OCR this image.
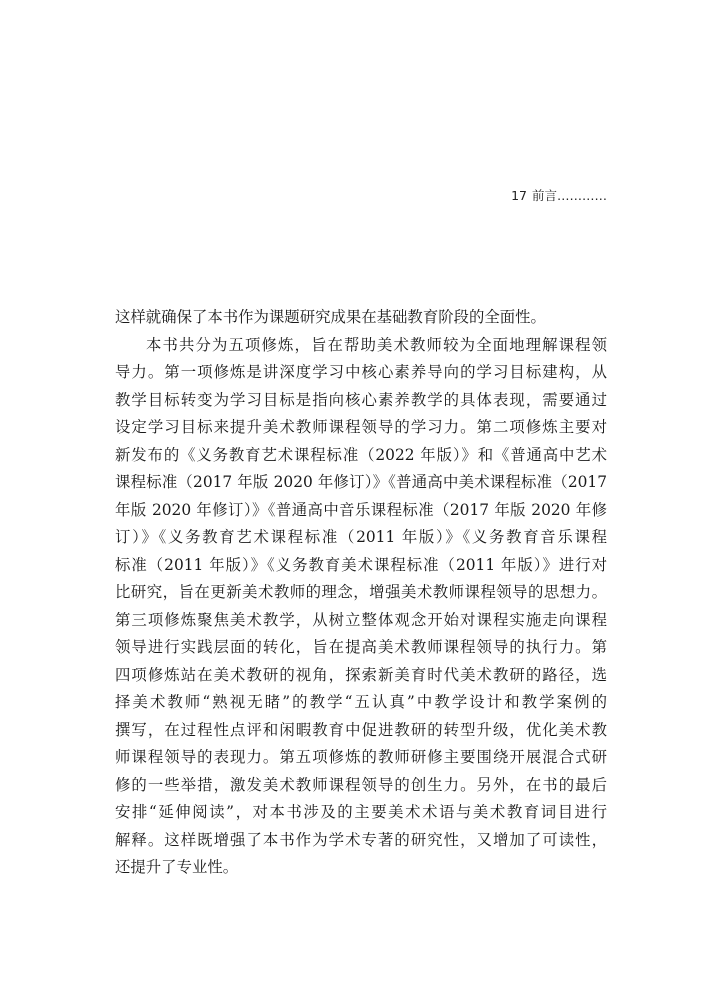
17 前言…………
这样就确保了本书作为课题研究成果在基础教育阶段的全面性。
本书共分为五项修炼，旨在帮助美术教师较为全面地理解课程领
导力。第一项修炼是讲深度学习中核心素养导向的学习目标建构，从
教学目标转变为学习目标是指向核心素养教学的具体表现，需要通过
设定学习目标来提升美术教师课程领导的学习力。第二项修炼主要对
新发布的《义务教育艺术课程标准（2022 年版）》和《普通高中艺术
课程标准（2017 年版 2020 年修订）》《普通高中美术课程标准（2017
年版 2020 年修订）》《普通高中音乐课程标准（2017 年版 2020 年修
订）》《义务教育艺术课程标准（2011 年版）》《义务教育音乐课程
标准（2011 年版）》《义务教育美术课程标准（2011 年版）》进行对
比研究，旨在更新美术教师的理念，增强美术教师课程领导的思想力。
第三项修炼聚焦美术教学，从树立整体观念开始对课程实施走向课程
领导进行实践层面的转化，旨在提高美术教师课程领导的执行力。第
四项修炼站在美术教研的视角，探索新美育时代美术教研的路径，选
择美术教师“熟视无睹”的教学“五认真”中教学设计和教学案例的
撰写，在过程性点评和闲暇教育中促进教研的转型升级，优化美术教
师课程领导的表现力。第五项修炼的教师研修主要围绕开展混合式研
修的一些举措，激发美术教师课程领导的创生力。另外，在书的最后
安排“延伸阅读”，对本书涉及的主要美术术语与美术教育词目进行
解释。这样既增强了本书作为学术专著的研究性，又增加了可读性，
还提升了专业性。
